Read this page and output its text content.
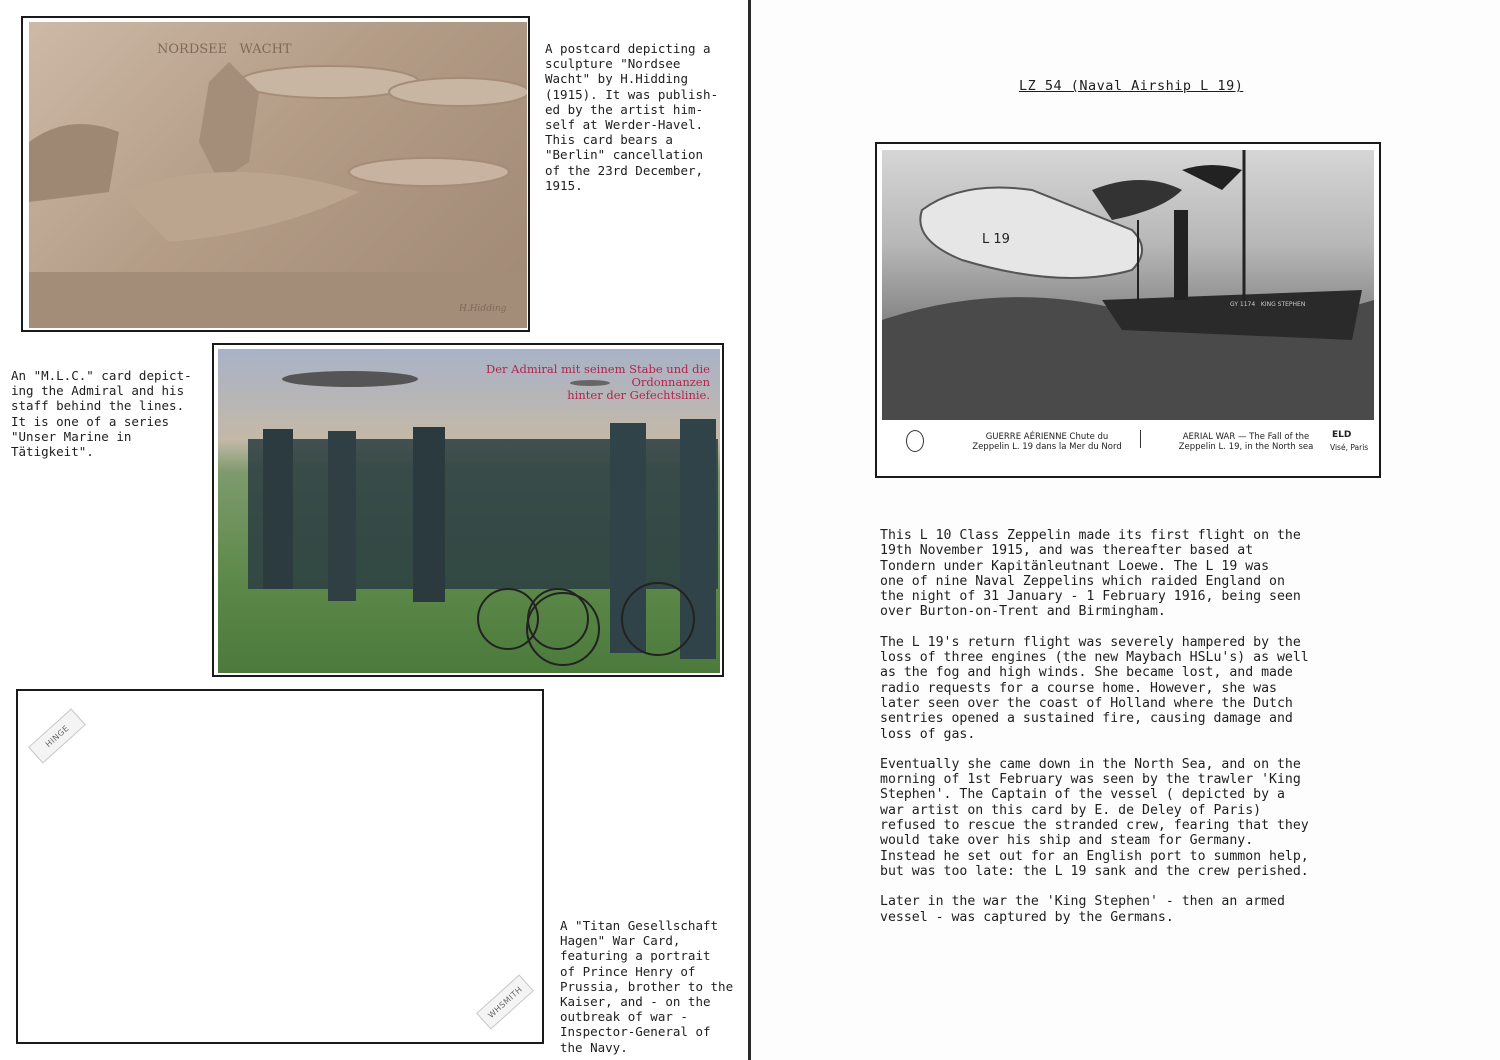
NORDSEE   WACHT
H.Hidding

A postcard depicting a
sculpture "Nordsee
Wacht" by H.Hidding
(1915). It was publish-
ed by the artist him-
self at Werder-Havel.
This card bears a
"Berlin" cancellation
of the 23rd December,
1915.

Der Admiral mit seinem Stabe und die Ordonnanzen
hinter der Gefechtslinie.

An "M.L.C." card depict-
ing the Admiral and his
staff behind the lines.
It is one of a series
"Unser Marine in
Tätigkeit".

HINGE
WHSMITH

A "Titan Gesellschaft
Hagen" War Card,
featuring a portrait
of Prince Henry of
Prussia, brother to the
Kaiser, and - on the
outbreak of war -
Inspector-General of
the Navy.

LZ 54 (Naval Airship L 19)
L 19
GY 1174   KING STEPHEN

GUERRE AÉRIENNE Chute du
Zeppelin L. 19 dans la Mer du Nord

AERIAL WAR — The Fall of the
Zeppelin L. 19, in the North sea

ELD
Visé, Paris

This L 10 Class Zeppelin made its first flight on the
19th November 1915, and was thereafter based at
Tondern under Kapitänleutnant Loewe. The L 19 was
one of nine Naval Zeppelins which raided England on
the night of 31 January - 1 February 1916, being seen
over Burton-on-Trent and Birmingham.

The L 19's return flight was severely hampered by the
loss of three engines (the new Maybach HSLu's) as well
as the fog and high winds. She became lost, and made
radio requests for a course home. However, she was
later seen over the coast of Holland where the Dutch
sentries opened a sustained fire, causing damage and
loss of gas.

Eventually she came down in the North Sea, and on the
morning of 1st February was seen by the trawler 'King
Stephen'. The Captain of the vessel ( depicted by a
war artist on this card by E. de Deley of Paris)
refused to rescue the stranded crew, fearing that they
would take over his ship and steam for Germany.
Instead he set out for an English port to summon help,
but was too late: the L 19 sank and the crew perished.

Later in the war the 'King Stephen' - then an armed
vessel - was captured by the Germans.
